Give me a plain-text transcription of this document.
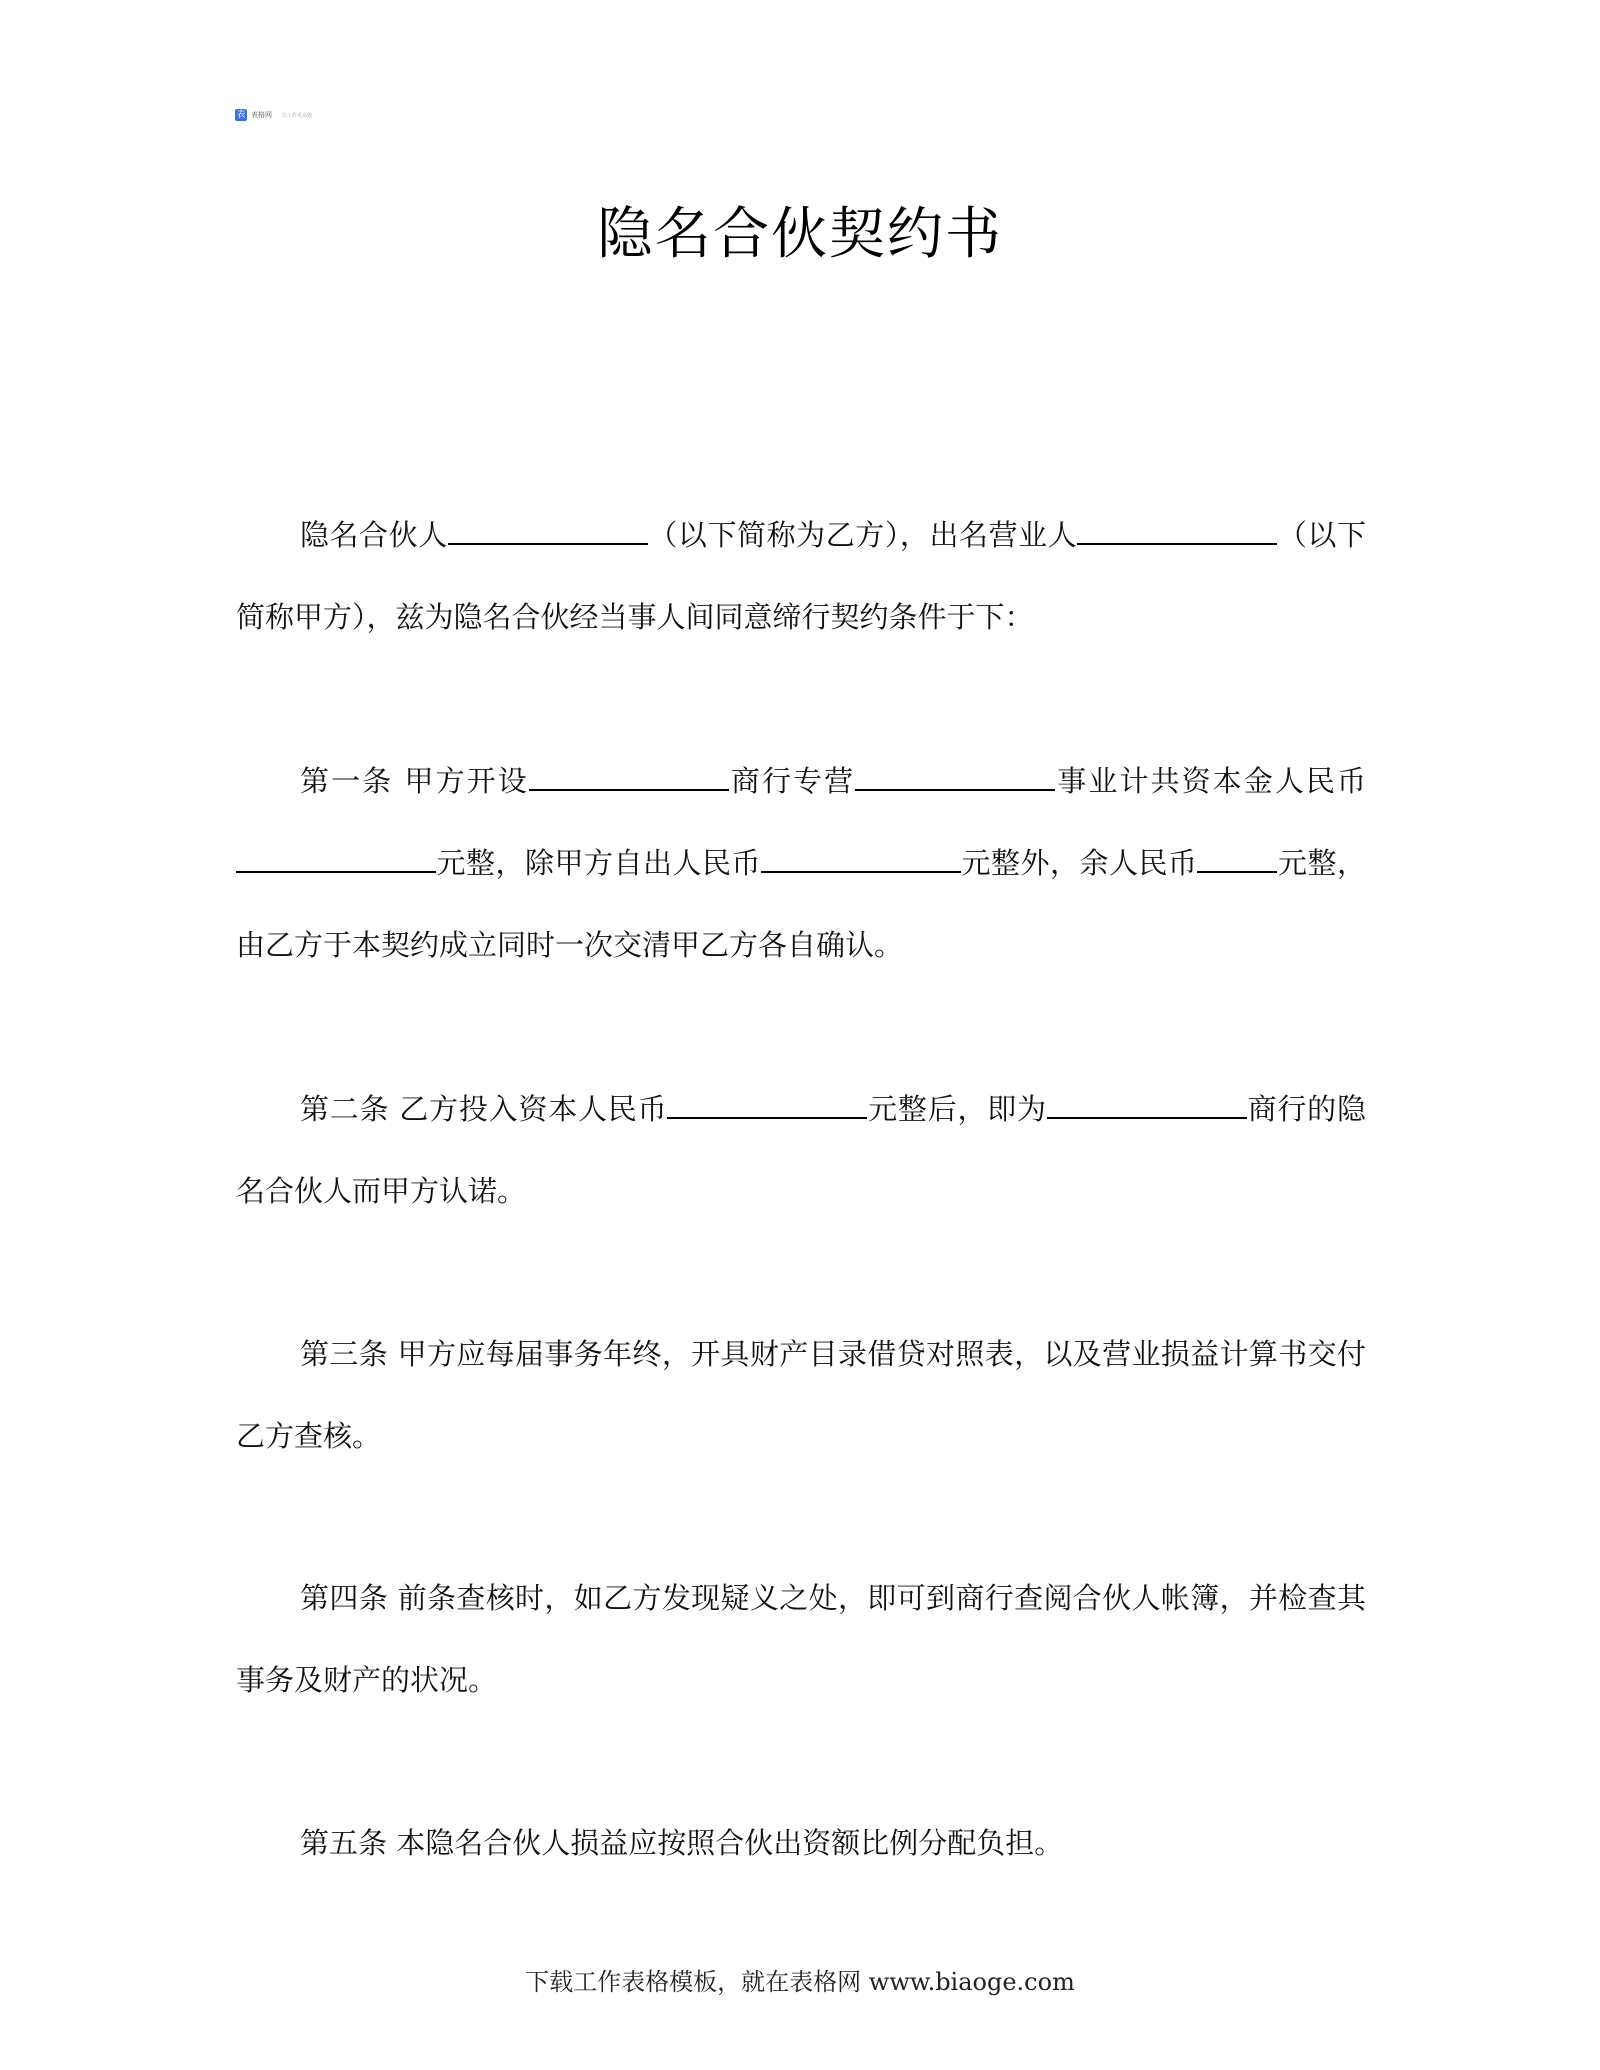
表 表格网 让工作更高效
隐名合伙契约书
隐名合伙人	（以下简称为乙方），出名营业人	（以下简称甲方），兹为隐名合伙经当事人间同意缔行契约条件于下：
第一条 甲方开设	商行专营	事业计共资本金人民币元整，除甲方自出人民币	元整外，余人民币	元整，由乙方于本契约成立同时一次交清甲乙方各自确认。
第二条 乙方投入资本人民币	元整后，即为	商行的隐名合伙人而甲方认诺。
第三条 甲方应每届事务年终，开具财产目录借贷对照表，以及营业损益计算书交付乙方查核。
第四条 前条查核时，如乙方发现疑义之处，即可到商行查阅合伙人帐簿，并检查其事务及财产的状况。
第五条 本隐名合伙人损益应按照合伙出资额比例分配负担。
下载工作表格模板，就在表格网 www.biaoge.com
